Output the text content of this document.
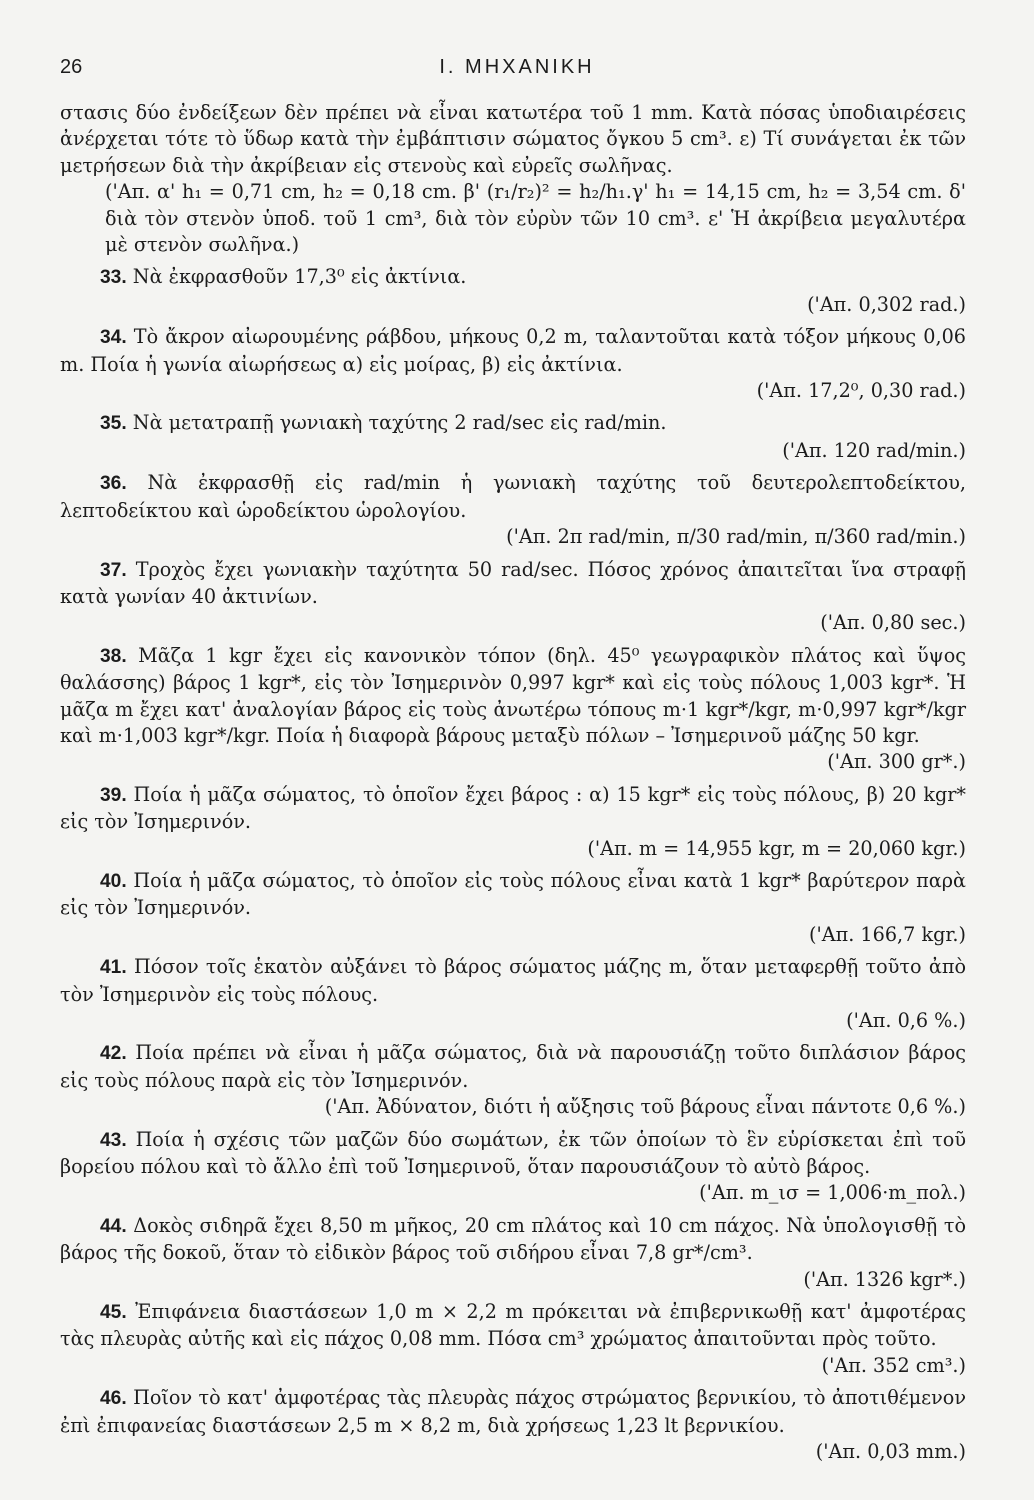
26	Ι. ΜΗΧΑΝΙΚΗ
στασις δύο ἐνδείξεων δὲν πρέπει νὰ εἶναι κατωτέρα τοῦ 1 mm. Κατὰ πόσας ὑποδιαιρέσεις ἀνέρχεται τότε τὸ ὕδωρ κατὰ τὴν ἐμβάπτισιν σώματος ὄγκου 5 cm³. ε) Τί συνάγεται ἐκ τῶν μετρήσεων διὰ τὴν ἀκρίβειαν εἰς στενοὺς καὶ εὐρεῖς σωλῆνας.
('Απ. α' h₁ = 0,71 cm, h₂ = 0,18 cm. β' (r₁/r₂)² = h₂/h₁.γ' h₁ = 14,15 cm, h₂ = 3,54 cm. δ' διὰ τὸν στενὸν ὑποδ. τοῦ 1 cm³, διὰ τὸν εὐρὺν τῶν 10 cm³. ε' Ἡ ἀκρίβεια μεγαλυτέρα μὲ στενὸν σωλῆνα.)
33. Νὰ ἐκφρασθοῦν 17,3⁰ εἰς ἀκτίνια.
('Απ. 0,302 rad.)
34. Τὸ ἄκρον αἰωρουμένης ράβδου, μήκους 0,2 m, ταλαντοῦται κατὰ τόξον μήκους 0,06 m. Ποία ἡ γωνία αἰωρήσεως α) εἰς μοίρας, β) εἰς ἀκτίνια.
('Απ. 17,2⁰, 0,30 rad.)
35. Νὰ μετατραπῇ γωνιακὴ ταχύτης 2 rad/sec εἰς rad/min.
('Απ. 120 rad/min.)
36. Νὰ ἐκφρασθῇ εἰς rad/min ἡ γωνιακὴ ταχύτης τοῦ δευτερολεπτοδείκτου, λεπτοδείκτου καὶ ὡροδείκτου ὡρολογίου.
('Απ. 2π rad/min, π/30 rad/min, π/360 rad/min.)
37. Τροχὸς ἔχει γωνιακὴν ταχύτητα 50 rad/sec. Πόσος χρόνος ἀπαιτεῖται ἵνα στραφῇ κατὰ γωνίαν 40 ἀκτινίων.
('Απ. 0,80 sec.)
38. Μᾶζα 1 kgr ἔχει εἰς κανονικὸν τόπον (δηλ. 45⁰ γεωγραφικὸν πλάτος καὶ ὕψος θαλάσσης) βάρος 1 kgr*, εἰς τὸν Ἰσημερινὸν 0,997 kgr* καὶ εἰς τοὺς πόλους 1,003 kgr*. Ἡ μᾶζα m ἔχει κατ' ἀναλογίαν βάρος εἰς τοὺς ἀνωτέρω τόπους m·1 kgr*/kgr, m·0,997 kgr*/kgr καὶ m·1,003 kgr*/kgr. Ποία ἡ διαφορὰ βάρους μεταξὺ πόλων – Ἰσημερινοῦ μάζης 50 kgr.
('Απ. 300 gr*.)
39. Ποία ἡ μᾶζα σώματος, τὸ ὁποῖον ἔχει βάρος : α) 15 kgr* εἰς τοὺς πόλους, β) 20 kgr* εἰς τὸν Ἰσημερινόν.
('Απ. m = 14,955 kgr, m = 20,060 kgr.)
40. Ποία ἡ μᾶζα σώματος, τὸ ὁποῖον εἰς τοὺς πόλους εἶναι κατὰ 1 kgr* βαρύτερον παρὰ εἰς τὸν Ἰσημερινόν.
('Απ. 166,7 kgr.)
41. Πόσον τοῖς ἑκατὸν αὐξάνει τὸ βάρος σώματος μάζης m, ὅταν μεταφερθῇ τοῦτο ἀπὸ τὸν Ἰσημερινὸν εἰς τοὺς πόλους.
('Απ. 0,6 %.)
42. Ποία πρέπει νὰ εἶναι ἡ μᾶζα σώματος, διὰ νὰ παρουσιάζῃ τοῦτο διπλάσιον βάρος εἰς τοὺς πόλους παρὰ εἰς τὸν Ἰσημερινόν.
('Απ. Ἀδύνατον, διότι ἡ αὔξησις τοῦ βάρους εἶναι πάντοτε 0,6 %.)
43. Ποία ἡ σχέσις τῶν μαζῶν δύο σωμάτων, ἐκ τῶν ὁποίων τὸ ἓν εὑρίσκεται ἐπὶ τοῦ βορείου πόλου καὶ τὸ ἄλλο ἐπὶ τοῦ Ἰσημερινοῦ, ὅταν παρουσιάζουν τὸ αὐτὸ βάρος.
('Απ. m_ισ = 1,006·m_πολ.)
44. Δοκὸς σιδηρᾶ ἔχει 8,50 m μῆκος, 20 cm πλάτος καὶ 10 cm πάχος. Νὰ ὑπολογισθῇ τὸ βάρος τῆς δοκοῦ, ὅταν τὸ εἰδικὸν βάρος τοῦ σιδήρου εἶναι 7,8 gr*/cm³.
('Απ. 1326 kgr*.)
45. Ἐπιφάνεια διαστάσεων 1,0 m × 2,2 m πρόκειται νὰ ἐπιβερνικωθῇ κατ' ἀμφοτέρας τὰς πλευρὰς αὐτῆς καὶ εἰς πάχος 0,08 mm. Πόσα cm³ χρώματος ἀπαιτοῦνται πρὸς τοῦτο.
('Απ. 352 cm³.)
46. Ποῖον τὸ κατ' ἀμφοτέρας τὰς πλευρὰς πάχος στρώματος βερνικίου, τὸ ἀποτιθέμενον ἐπὶ ἐπιφανείας διαστάσεων 2,5 m × 8,2 m, διὰ χρήσεως 1,23 lt βερνικίου.
('Απ. 0,03 mm.)
